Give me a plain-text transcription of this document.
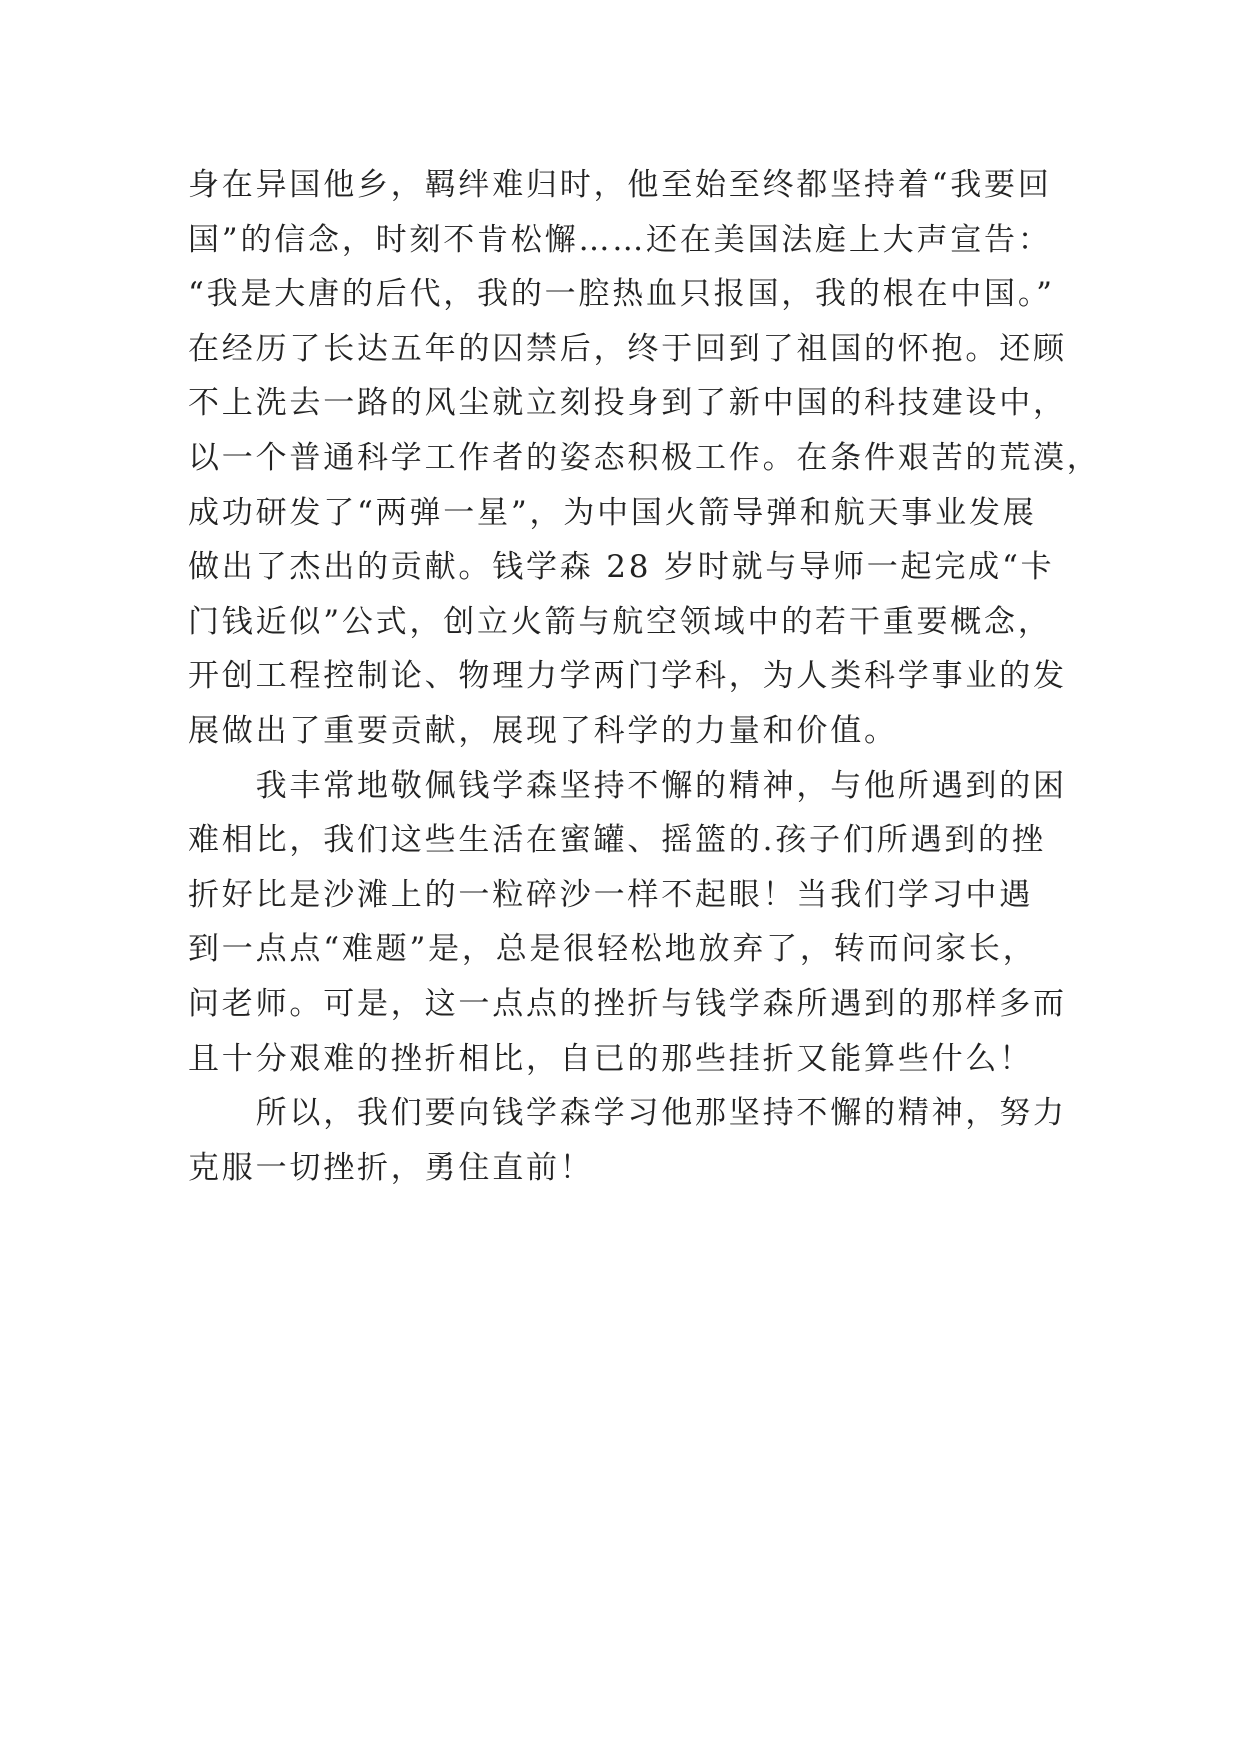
身在异国他乡，羁绊难归时，他至始至终都坚持着“我要回
国”的信念，时刻不肯松懈……还在美国法庭上大声宣告：
“我是大唐的后代，我的一腔热血只报国，我的根在中国。”
在经历了长达五年的囚禁后，终于回到了祖国的怀抱。还顾
不上洗去一路的风尘就立刻投身到了新中国的科技建设中，
以一个普通科学工作者的姿态积极工作。在条件艰苦的荒漠，
成功研发了“两弹一星”，为中国火箭导弹和航天事业发展
做出了杰出的贡献。钱学森 28 岁时就与导师一起完成“卡
门钱近似”公式，创立火箭与航空领域中的若干重要概念，
开创工程控制论、物理力学两门学科，为人类科学事业的发
展做出了重要贡献，展现了科学的力量和价值。
　　我丰常地敬佩钱学森坚持不懈的精神，与他所遇到的困
难相比，我们这些生活在蜜罐、摇篮的.孩子们所遇到的挫
折好比是沙滩上的一粒碎沙一样不起眼！当我们学习中遇
到一点点“难题”是，总是很轻松地放弃了，转而问家长，
问老师。可是，这一点点的挫折与钱学森所遇到的那样多而
且十分艰难的挫折相比，自已的那些挂折又能算些什么！
　　所以，我们要向钱学森学习他那坚持不懈的精神，努力
克服一切挫折，勇住直前！
